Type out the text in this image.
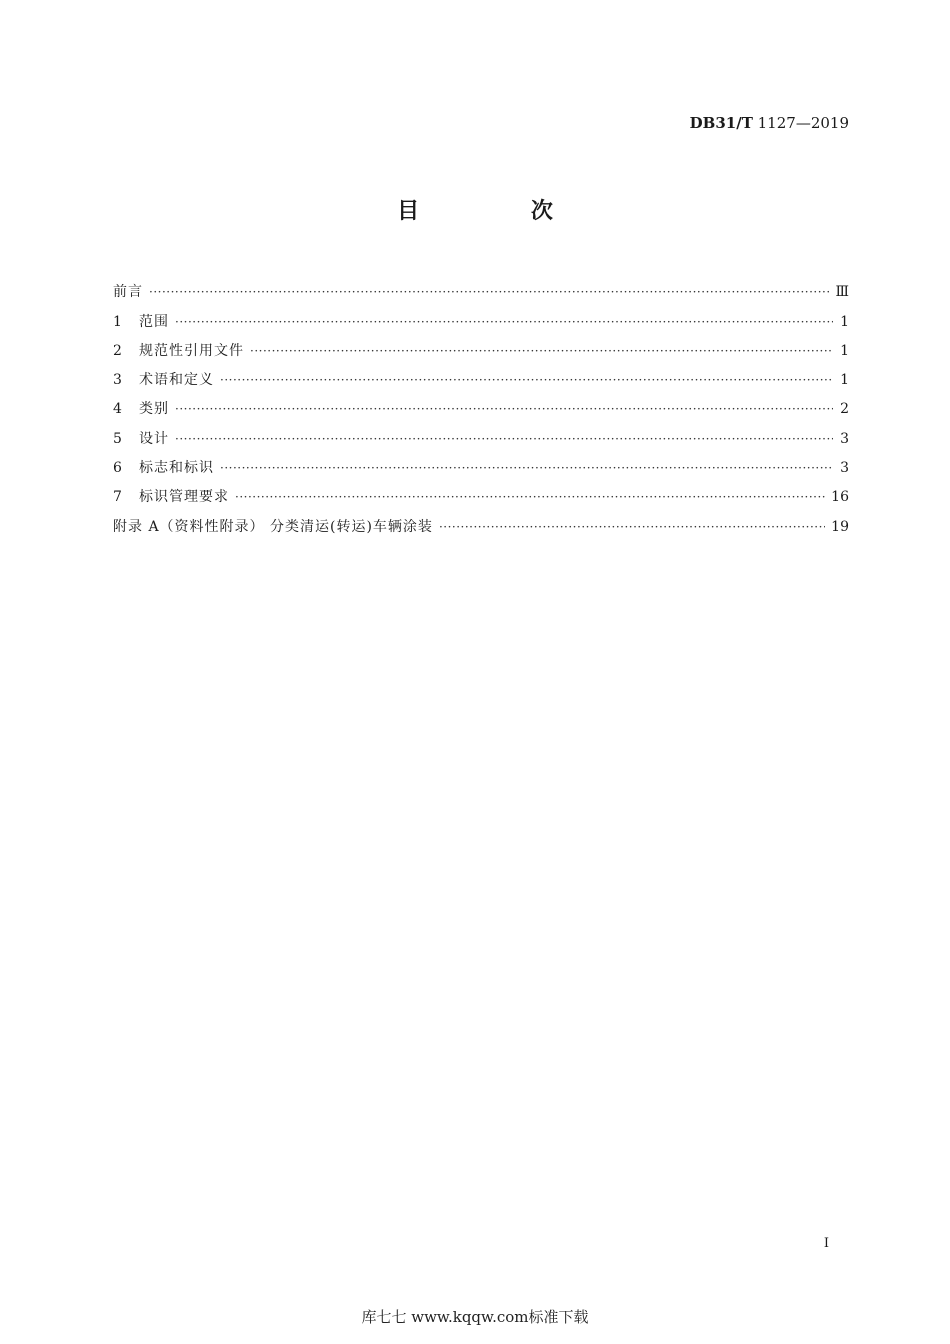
DB31/T 1127—2019
目 次
前言 ·····	Ⅲ
1 范围 ·····	1
2 规范性引用文件 ·····	1
3 术语和定义 ·····	1
4 类别 ·····	2
5 设计 ·····	3
6 标志和标识 ·····	3
7 标识管理要求 ·····	16
附录 A（资料性附录） 分类清运(转运)车辆涂装 ·····	19
I
库七七 www.kqqw.com标准下载
